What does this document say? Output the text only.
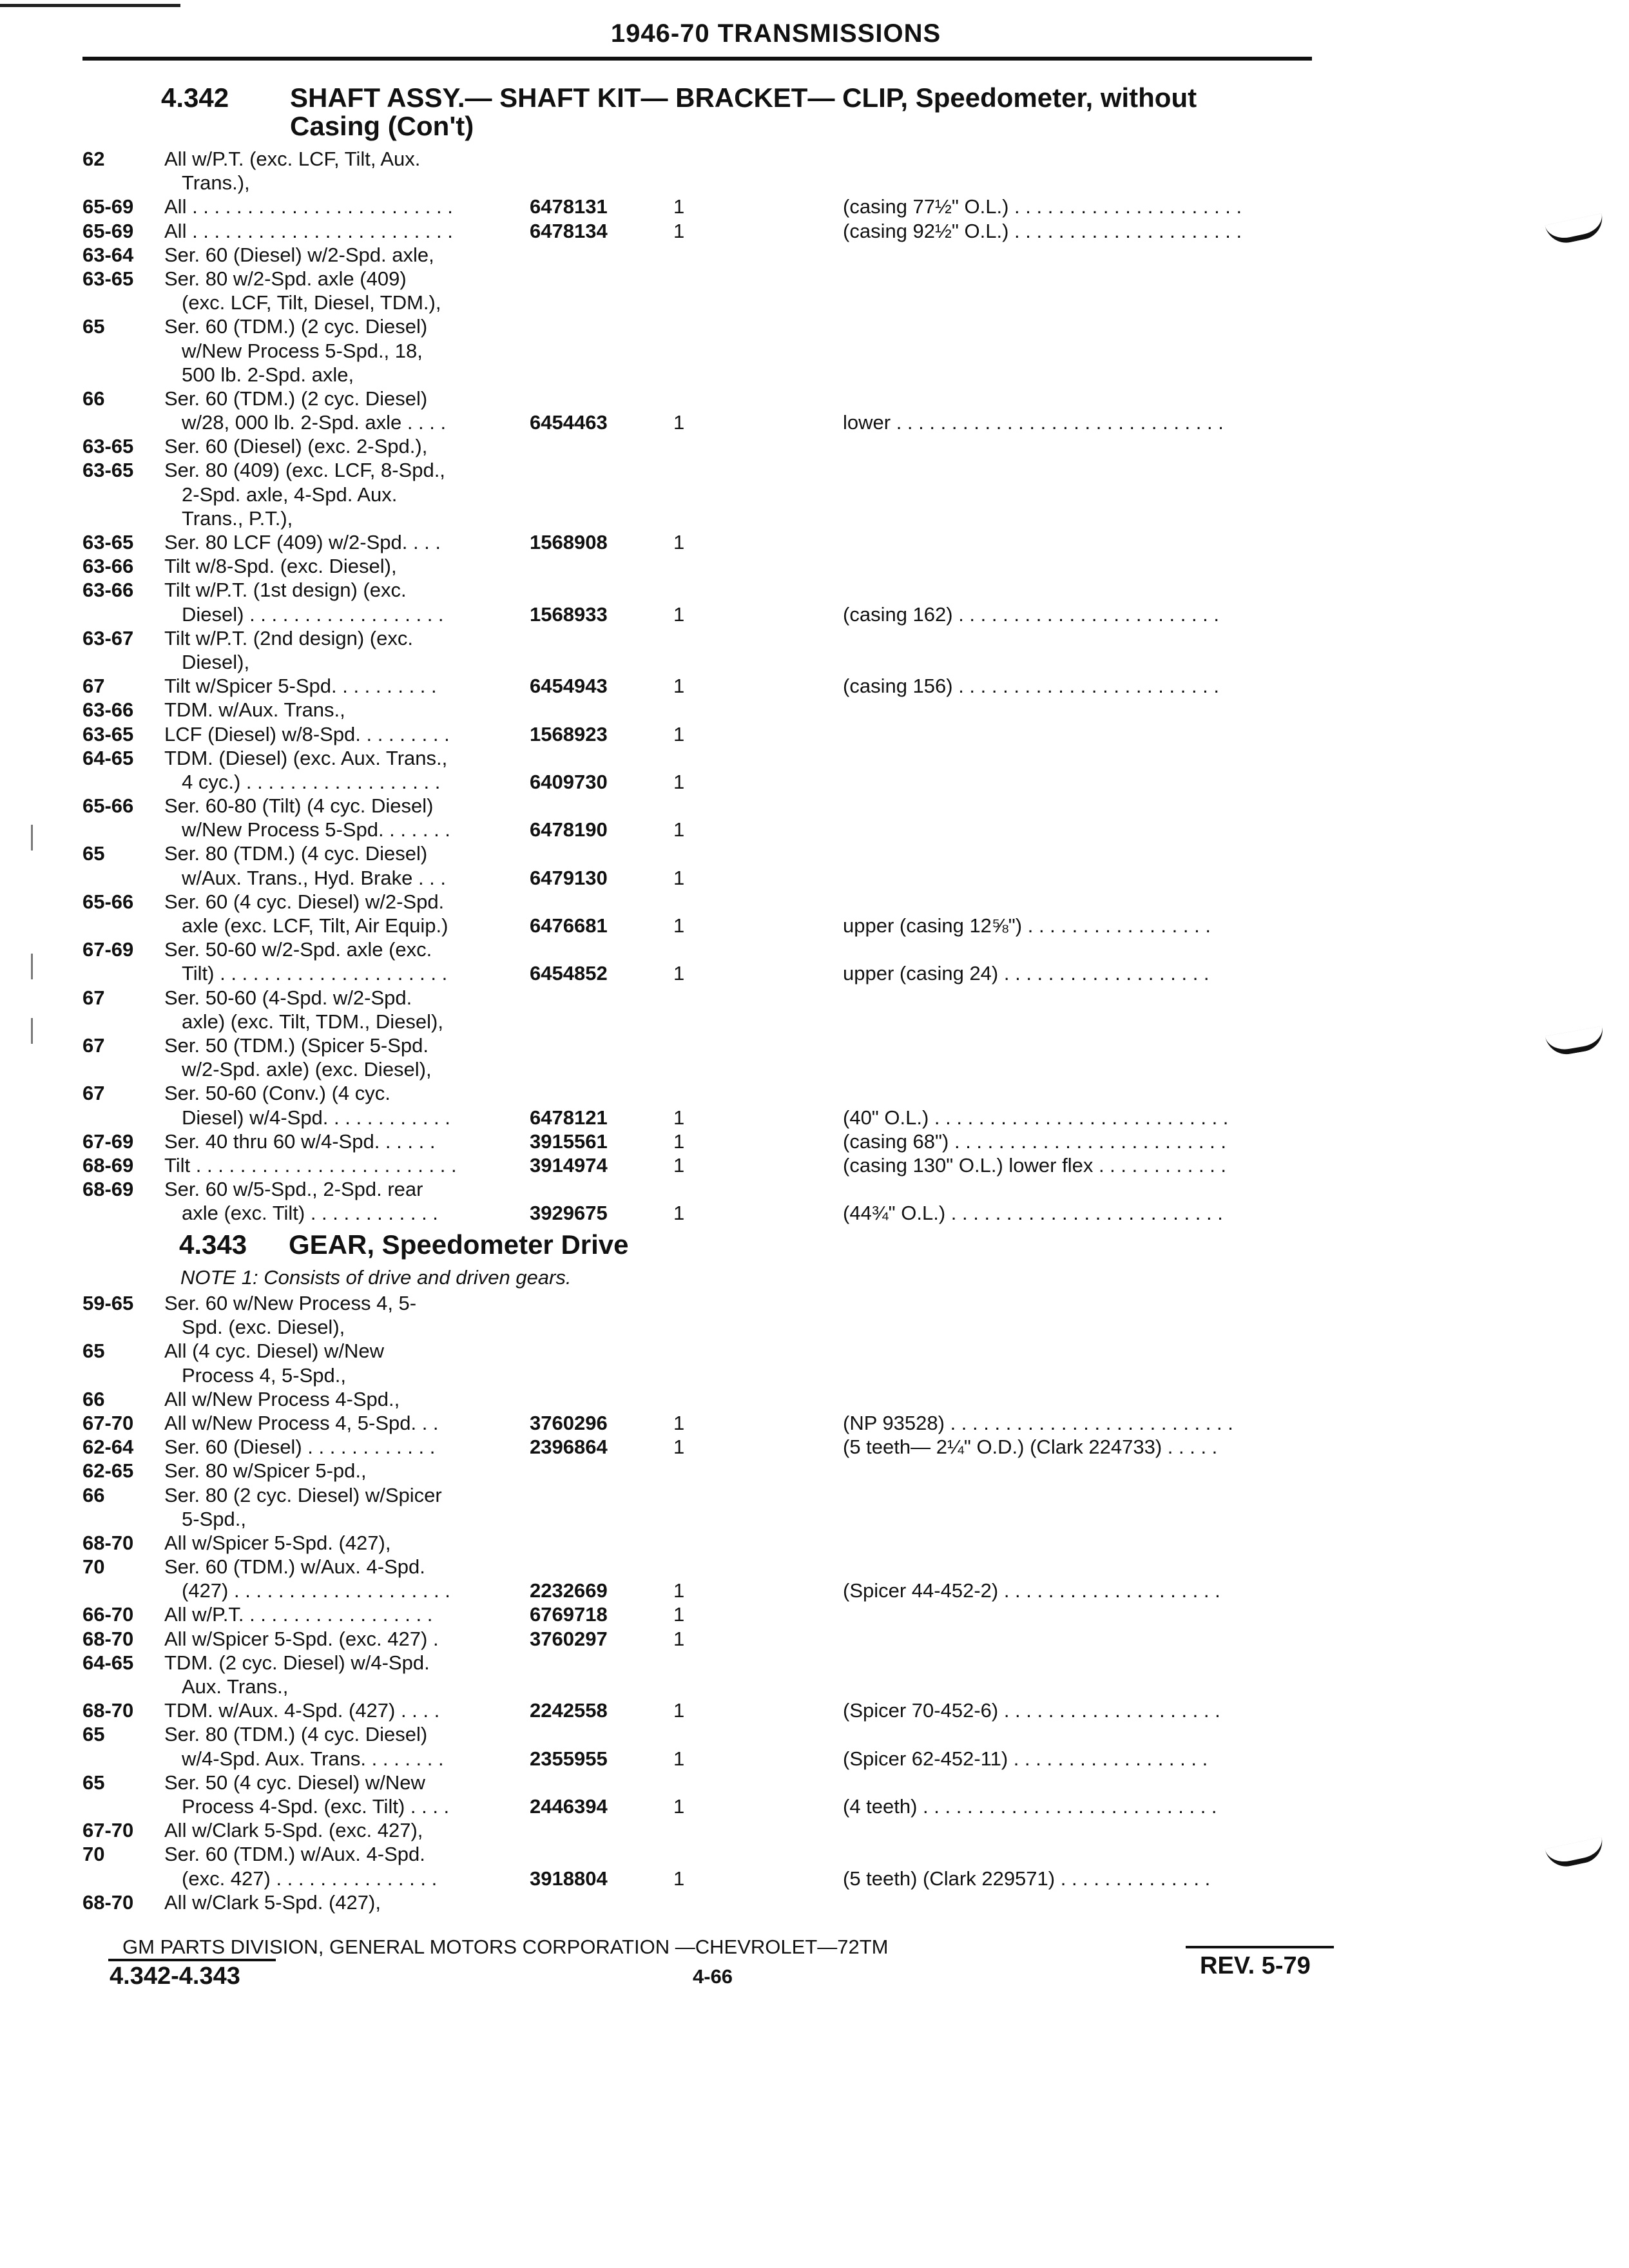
1946-70 TRANSMISSIONS
4.342 SHAFT ASSY.— SHAFT KIT— BRACKET— CLIP, Speedometer, without
Casing (Con't)
62	All w/P.T. (exc. LCF, Tilt, Aux.
Trans.),
65-69 All . . . . . . . . . . . . . . . . . . . . . . . .	6478131	1	(casing 77½" O.L.) . . . . . . . . . . . . . . . . . . . . .
65-69 All . . . . . . . . . . . . . . . . . . . . . . . .	6478134	1	(casing 92½" O.L.) . . . . . . . . . . . . . . . . . . . . .
63-64 Ser. 60 (Diesel) w/2-Spd. axle,
63-65 Ser. 80 w/2-Spd. axle (409)
(exc. LCF, Tilt, Diesel, TDM.),
65	Ser. 60 (TDM.) (2 cyc. Diesel)
w/New Process 5-Spd., 18,
500 lb. 2-Spd. axle,
66	Ser. 60 (TDM.) (2 cyc. Diesel)
w/28, 000 lb. 2-Spd. axle . . . .	6454463	1	lower . . . . . . . . . . . . . . . . . . . . . . . . . . . . . .
63-65 Ser. 60 (Diesel) (exc. 2-Spd.),
63-65 Ser. 80 (409) (exc. LCF, 8-Spd.,
2-Spd. axle, 4-Spd. Aux.
Trans., P.T.),
63-65 Ser. 80 LCF (409) w/2-Spd. . . .	1568908	1
63-66 Tilt w/8-Spd. (exc. Diesel),
63-66 Tilt w/P.T. (1st design) (exc.
Diesel) . . . . . . . . . . . . . . . . . .	1568933	1	(casing 162) . . . . . . . . . . . . . . . . . . . . . . . .
63-67 Tilt w/P.T. (2nd design) (exc.
Diesel),
67	Tilt w/Spicer 5-Spd. . . . . . . . . .	6454943	1	(casing 156) . . . . . . . . . . . . . . . . . . . . . . . .
63-66 TDM. w/Aux. Trans.,
63-65 LCF (Diesel) w/8-Spd. . . . . . . . .	1568923	1
64-65 TDM. (Diesel) (exc. Aux. Trans.,
4 cyc.) . . . . . . . . . . . . . . . . . .	6409730	1
65-66 Ser. 60-80 (Tilt) (4 cyc. Diesel)
w/New Process 5-Spd. . . . . . .	6478190	1
65	Ser. 80 (TDM.) (4 cyc. Diesel)
w/Aux. Trans., Hyd. Brake . . .	6479130	1
65-66 Ser. 60 (4 cyc. Diesel) w/2-Spd.
axle (exc. LCF, Tilt, Air Equip.)	6476681	1	upper (casing 12⅝") . . . . . . . . . . . . . . . . .
67-69 Ser. 50-60 w/2-Spd. axle (exc.
Tilt) . . . . . . . . . . . . . . . . . . . . .	6454852	1	upper (casing 24) . . . . . . . . . . . . . . . . . . .
67	Ser. 50-60 (4-Spd. w/2-Spd.
axle) (exc. Tilt, TDM., Diesel),
67	Ser. 50 (TDM.) (Spicer 5-Spd.
w/2-Spd. axle) (exc. Diesel),
67	Ser. 50-60 (Conv.) (4 cyc.
Diesel) w/4-Spd. . . . . . . . . . . .	6478121	1	(40" O.L.) . . . . . . . . . . . . . . . . . . . . . . . . . . .
67-69 Ser. 40 thru 60 w/4-Spd. . . . . .	3915561	1	(casing 68") . . . . . . . . . . . . . . . . . . . . . . . . .
68-69 Tilt . . . . . . . . . . . . . . . . . . . . . . . .	3914974	1	(casing 130" O.L.) lower flex . . . . . . . . . . . .
68-69 Ser. 60 w/5-Spd., 2-Spd. rear
axle (exc. Tilt) . . . . . . . . . . . .	3929675	1	(44¾" O.L.) . . . . . . . . . . . . . . . . . . . . . . . . .
4.343 GEAR, Speedometer Drive
NOTE 1: Consists of drive and driven gears.
59-65 Ser. 60 w/New Process 4, 5-
Spd. (exc. Diesel),
65	All (4 cyc. Diesel) w/New
Process 4, 5-Spd.,
66	All w/New Process 4-Spd.,
67-70 All w/New Process 4, 5-Spd. . .	3760296	1	(NP 93528) . . . . . . . . . . . . . . . . . . . . . . . . . .
62-64 Ser. 60 (Diesel) . . . . . . . . . . . .	2396864	1	(5 teeth— 2¼" O.D.) (Clark 224733) . . . . .
62-65 Ser. 80 w/Spicer 5-pd.,
66	Ser. 80 (2 cyc. Diesel) w/Spicer
5-Spd.,
68-70 All w/Spicer 5-Spd. (427),
70	Ser. 60 (TDM.) w/Aux. 4-Spd.
(427) . . . . . . . . . . . . . . . . . . . .	2232669	1	(Spicer 44-452-2) . . . . . . . . . . . . . . . . . . . .
66-70 All w/P.T. . . . . . . . . . . . . . . . . .	6769718	1
68-70 All w/Spicer 5-Spd. (exc. 427) .	3760297	1
64-65 TDM. (2 cyc. Diesel) w/4-Spd.
Aux. Trans.,
68-70 TDM. w/Aux. 4-Spd. (427) . . . .	2242558	1	(Spicer 70-452-6) . . . . . . . . . . . . . . . . . . . .
65	Ser. 80 (TDM.) (4 cyc. Diesel)
w/4-Spd. Aux. Trans. . . . . . . .	2355955	1	(Spicer 62-452-11) . . . . . . . . . . . . . . . . . .
65	Ser. 50 (4 cyc. Diesel) w/New
Process 4-Spd. (exc. Tilt) . . . .	2446394	1	(4 teeth) . . . . . . . . . . . . . . . . . . . . . . . . . . .
67-70 All w/Clark 5-Spd. (exc. 427),
70	Ser. 60 (TDM.) w/Aux. 4-Spd.
(exc. 427) . . . . . . . . . . . . . . .	3918804	1	(5 teeth) (Clark 229571) . . . . . . . . . . . . . .
68-70 All w/Clark 5-Spd. (427),
GM PARTS DIVISION, GENERAL MOTORS CORPORATION —CHEVROLET—72TM
4.342-4.343	4-66	REV. 5-79
